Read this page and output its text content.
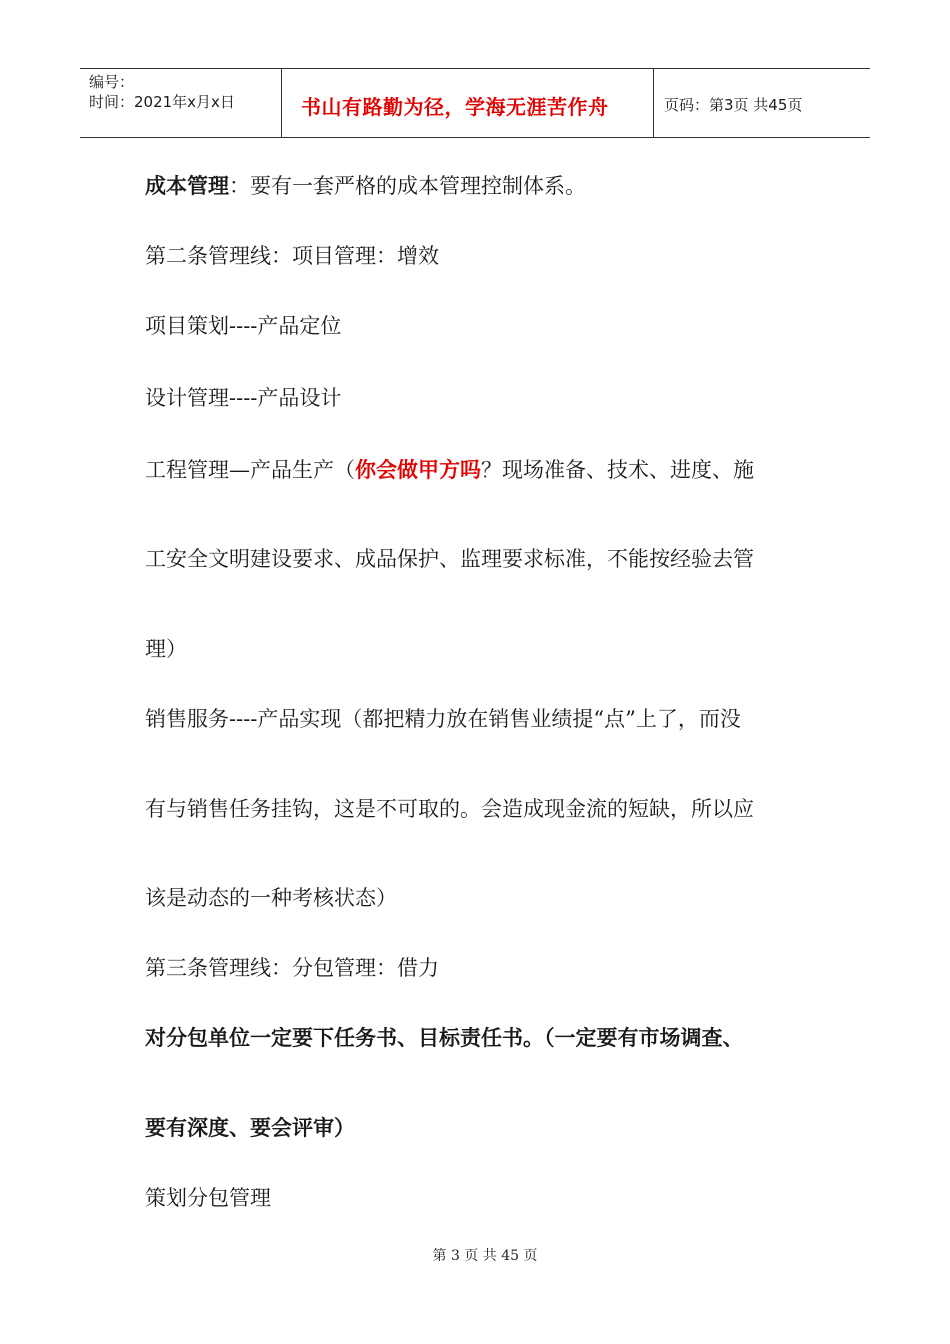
编号：
时间：2021年x月x日	书山有路勤为径，学海无涯苦作舟	页码：第3页 共45页
成本管理：要有一套严格的成本管理控制体系。
第二条管理线：项目管理：增效
项目策划----产品定位
设计管理----产品设计
工程管理—产品生产（你会做甲方吗？现场准备、技术、进度、施
工安全文明建设要求、成品保护、监理要求标准，不能按经验去管
理）
销售服务----产品实现（都把精力放在销售业绩提“点”上了，而没
有与销售任务挂钩，这是不可取的。会造成现金流的短缺，所以应
该是动态的一种考核状态）
第三条管理线：分包管理：借力
对分包单位一定要下任务书、目标责任书。（一定要有市场调查、
要有深度、要会评审）
策划分包管理
第 3 页 共 45 页
